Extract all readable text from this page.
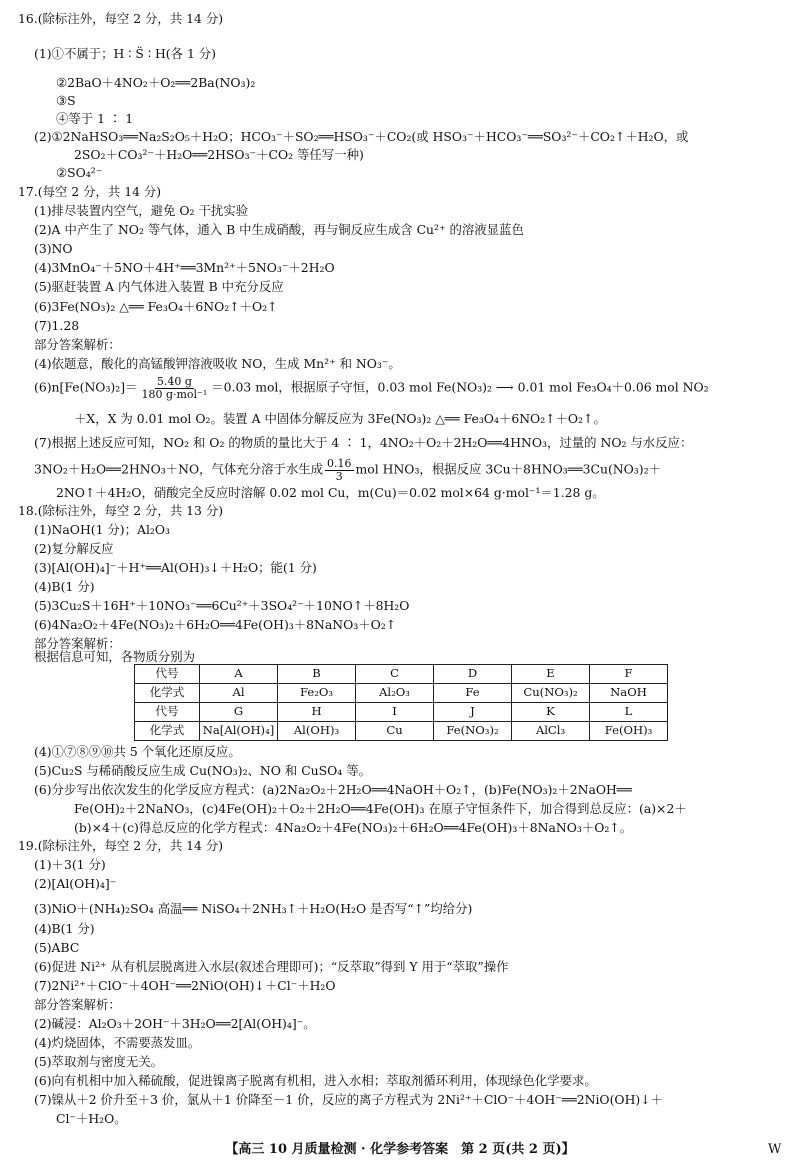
16.(除标注外，每空 2 分，共 14 分)
(1)①不属于；H ∶ S̈ ∶ H(各 1 分)
②2BaO＋4NO₂＋O₂══2Ba(NO₃)₂
③S
④等于 1 ∶ 1
(2)①2NaHSO₃══Na₂S₂O₅＋H₂O；HCO₃⁻＋SO₂══HSO₃⁻＋CO₂(或 HSO₃⁻＋HCO₃⁻══SO₃²⁻＋CO₂↑＋H₂O，或
2SO₂＋CO₃²⁻＋H₂O══2HSO₃⁻＋CO₂ 等任写一种)
②SO₄²⁻
17.(每空 2 分，共 14 分)
(1)排尽装置内空气，避免 O₂ 干扰实验
(2)A 中产生了 NO₂ 等气体，通入 B 中生成硝酸，再与铜反应生成含 Cu²⁺ 的溶液显蓝色
(3)NO
(4)3MnO₄⁻＋5NO＋4H⁺══3Mn²⁺＋5NO₃⁻＋2H₂O
(5)驱赶装置 A 内气体进入装置 B 中充分反应
(6)3Fe(NO₃)₂ △══ Fe₃O₄＋6NO₂↑＋O₂↑
(7)1.28
部分答案解析：
(4)依题意，酸化的高锰酸钾溶液吸收 NO，生成 Mn²⁺ 和 NO₃⁻。
＋X，X 为 0.01 mol O₂。装置 A 中固体分解反应为 3Fe(NO₃)₂ △══ Fe₃O₄＋6NO₂↑＋O₂↑。
(7)根据上述反应可知，NO₂ 和 O₂ 的物质的量比大于 4 ∶ 1，4NO₂＋O₂＋2H₂O══4HNO₃，过量的 NO₂ 与水反应：
2NO↑＋4H₂O，硝酸完全反应时溶解 0.02 mol Cu，m(Cu)＝0.02 mol×64 g·mol⁻¹＝1.28 g。
18.(除标注外，每空 2 分，共 13 分)
(1)NaOH(1 分)；Al₂O₃
(2)复分解反应
(3)[Al(OH)₄]⁻＋H⁺══Al(OH)₃↓＋H₂O；能(1 分)
(4)B(1 分)
(5)3Cu₂S＋16H⁺＋10NO₃⁻══6Cu²⁺＋3SO₄²⁻＋10NO↑＋8H₂O
(6)4Na₂O₂＋4Fe(NO₃)₂＋6H₂O══4Fe(OH)₃＋8NaNO₃＋O₂↑
部分答案解析：
根据信息可知，各物质分别为
(4)①⑦⑧⑨⑩共 5 个氧化还原反应。
(5)Cu₂S 与稀硝酸反应生成 Cu(NO₃)₂、NO 和 CuSO₄ 等。
(6)分步写出依次发生的化学反应方程式：(a)2Na₂O₂＋2H₂O══4NaOH＋O₂↑，(b)Fe(NO₃)₂＋2NaOH══
Fe(OH)₂＋2NaNO₃，(c)4Fe(OH)₂＋O₂＋2H₂O══4Fe(OH)₃ 在原子守恒条件下，加合得到总反应：(a)×2＋
(b)×4＋(c)得总反应的化学方程式：4Na₂O₂＋4Fe(NO₃)₂＋6H₂O══4Fe(OH)₃＋8NaNO₃＋O₂↑。
19.(除标注外，每空 2 分，共 14 分)
(1)＋3(1 分)
(2)[Al(OH)₄]⁻
(3)NiO＋(NH₄)₂SO₄ 高温══ NiSO₄＋2NH₃↑＋H₂O(H₂O 是否写“↑”均给分)
(4)B(1 分)
(5)ABC
(6)促进 Ni²⁺ 从有机层脱离进入水层(叙述合理即可)；“反萃取”得到 Y 用于“萃取”操作
(7)2Ni²⁺＋ClO⁻＋4OH⁻══2NiO(OH)↓＋Cl⁻＋H₂O
部分答案解析：
(2)碱浸：Al₂O₃＋2OH⁻＋3H₂O══2[Al(OH)₄]⁻。
(4)灼烧固体，不需要蒸发皿。
(5)萃取剂与密度无关。
(6)向有机相中加入稀硫酸，促进镍离子脱离有机相，进入水相；萃取剂循环利用，体现绿色化学要求。
(7)镍从＋2 价升至＋3 价，氯从＋1 价降至－1 价，反应的离子方程式为 2Ni²⁺＋ClO⁻＋4OH⁻══2NiO(OH)↓＋
Cl⁻＋H₂O。
$(6)n[Fe(NO_3)_2]= \frac{5.40 g}{\text{180 g·mol⁻¹}} =0.03$ mol，根据原子守恒，0.03 mol Fe(NO₃)₂ ⟶ 0.01 mol Fe₃O₄＋0.06 mol NO₂
3NO₂＋H₂O══2HNO₃＋NO，气体充分溶于水生成 $\frac{0.16}{3}$ mol HNO₃，根据反应 3Cu＋8HNO₃══3Cu(NO₃)₂＋
代号	A	B	C	D	E	F
化学式	Al	Fe₂O₃	Al₂O₃	Fe	Cu(NO₃)₂	NaOH
代号	G	H	I	J	K	L
化学式	Na[Al(OH)₄]	Al(OH)₃	Cu	Fe(NO₃)₂	AlCl₃	Fe(OH)₃
【高三 10 月质量检测 · 化学参考答案　第 2 页(共 2 页)】	W
